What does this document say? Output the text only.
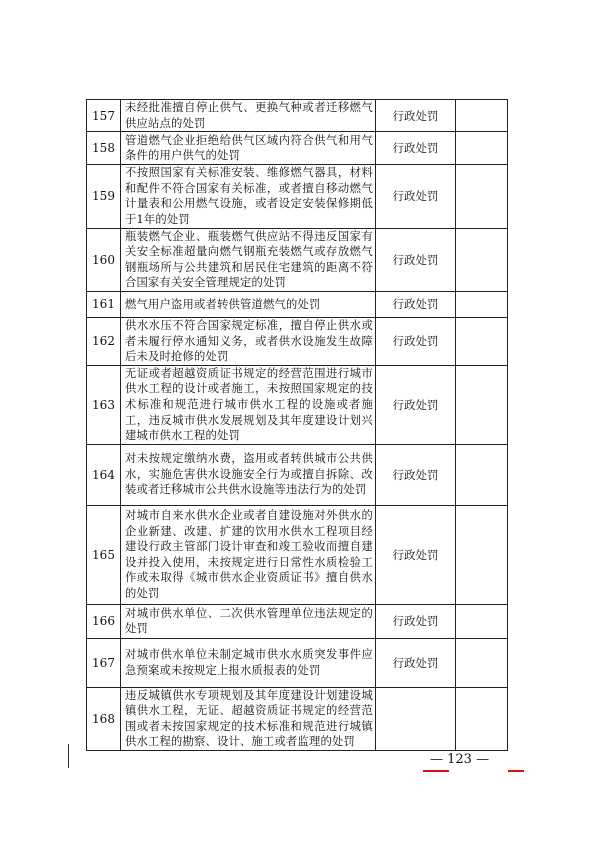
157	未经批准擅自停止供气、更换气种或者迁移燃气供应站点的处罚	行政处罚	
158	管道燃气企业拒绝给供气区域内符合供气和用气条件的用户供气的处罚	行政处罚	
159	不按照国家有关标准安装、维修燃气器具，材料和配件不符合国家有关标准，或者擅自移动燃气计量表和公用燃气设施，或者设定安装保修期低于1年的处罚	行政处罚	
160	瓶装燃气企业、瓶装燃气供应站不得违反国家有关安全标准超量向燃气钢瓶充装燃气或存放燃气钢瓶场所与公共建筑和居民住宅建筑的距离不符合国家有关安全管理规定的处罚	行政处罚	
161	燃气用户盗用或者转供管道燃气的处罚	行政处罚	
162	供水水压不符合国家规定标准，擅自停止供水或者未履行停水通知义务，或者供水设施发生故障后未及时抢修的处罚	行政处罚	
163	无证或者超越资质证书规定的经营范围进行城市供水工程的设计或者施工，未按照国家规定的技术标准和规范进行城市供水工程的设施或者施工，违反城市供水发展规划及其年度建设计划兴建城市供水工程的处罚	行政处罚	
164	对未按规定缴纳水费，盗用或者转供城市公共供水，实施危害供水设施安全行为或擅自拆除、改装或者迁移城市公共供水设施等违法行为的处罚	行政处罚	
165	对城市自来水供水企业或者自建设施对外供水的企业新建、改建、扩建的饮用水供水工程项目经建设行政主管部门设计审查和竣工验收而擅自建设并投入使用，未按规定进行日常性水质检验工作或未取得《城市供水企业资质证书》擅自供水的处罚	行政处罚	
166	对城市供水单位、二次供水管理单位违法规定的处罚	行政处罚	
167	对城市供水单位未制定城市供水水质突发事件应急预案或未按规定上报水质报表的处罚	行政处罚	
168	违反城镇供水专项规划及其年度建设计划建设城镇供水工程，无证、超越资质证书规定的经营范围或者未按国家规定的技术标准和规范进行城镇供水工程的勘察、设计、施工或者监理的处罚		
— 123 —
